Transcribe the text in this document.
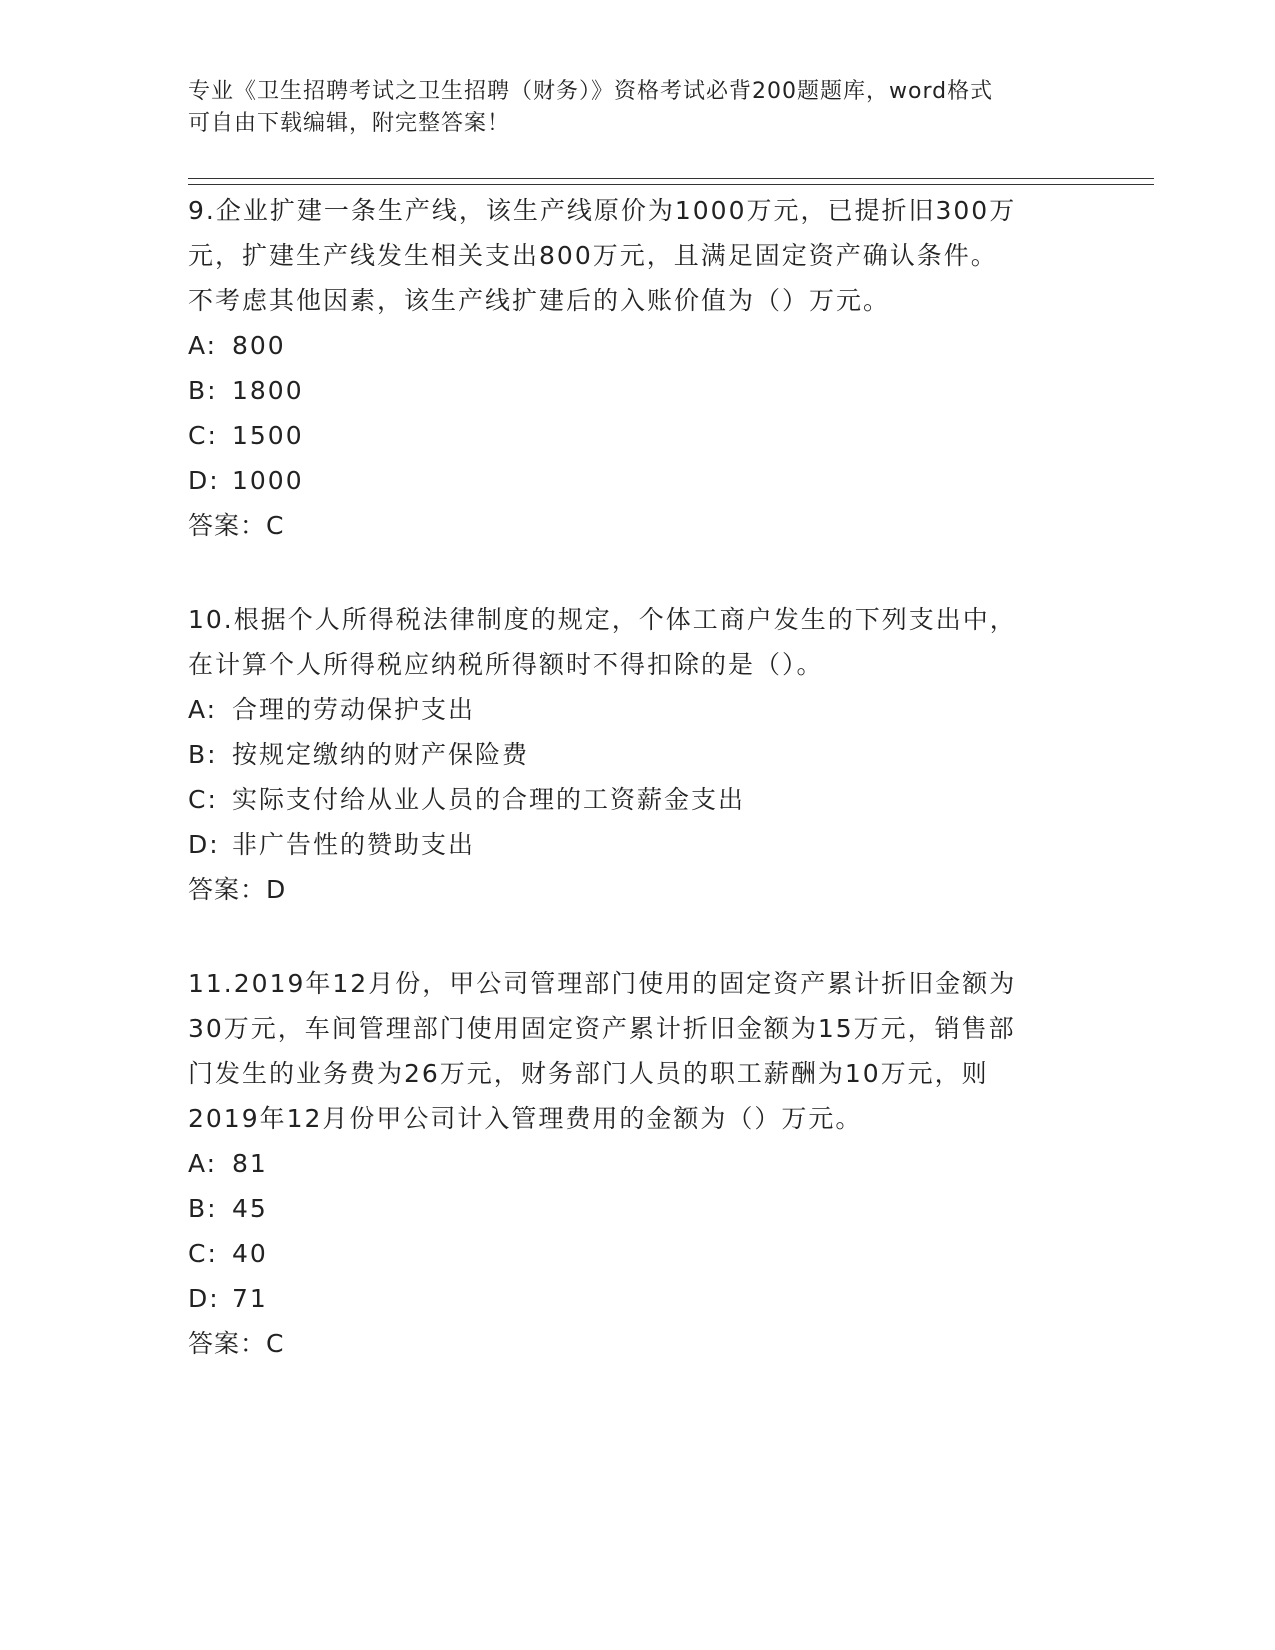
专业《卫生招聘考试之卫生招聘（财务）》资格考试必背200题题库，word格式
可自由下载编辑，附完整答案！
9.企业扩建一条生产线，该生产线原价为1000万元，已提折旧300万
元，扩建生产线发生相关支出800万元，且满足固定资产确认条件。
不考虑其他因素，该生产线扩建后的入账价值为（）万元。
A: 800
B: 1800
C: 1500
D: 1000
答案：C
10.根据个人所得税法律制度的规定，个体工商户发生的下列支出中，
在计算个人所得税应纳税所得额时不得扣除的是（）。
A: 合理的劳动保护支出
B: 按规定缴纳的财产保险费
C: 实际支付给从业人员的合理的工资薪金支出
D: 非广告性的赞助支出
答案：D
11.2019年12月份，甲公司管理部门使用的固定资产累计折旧金额为
30万元，车间管理部门使用固定资产累计折旧金额为15万元，销售部
门发生的业务费为26万元，财务部门人员的职工薪酬为10万元，则
2019年12月份甲公司计入管理费用的金额为（）万元。
A: 81
B: 45
C: 40
D: 71
答案：C
